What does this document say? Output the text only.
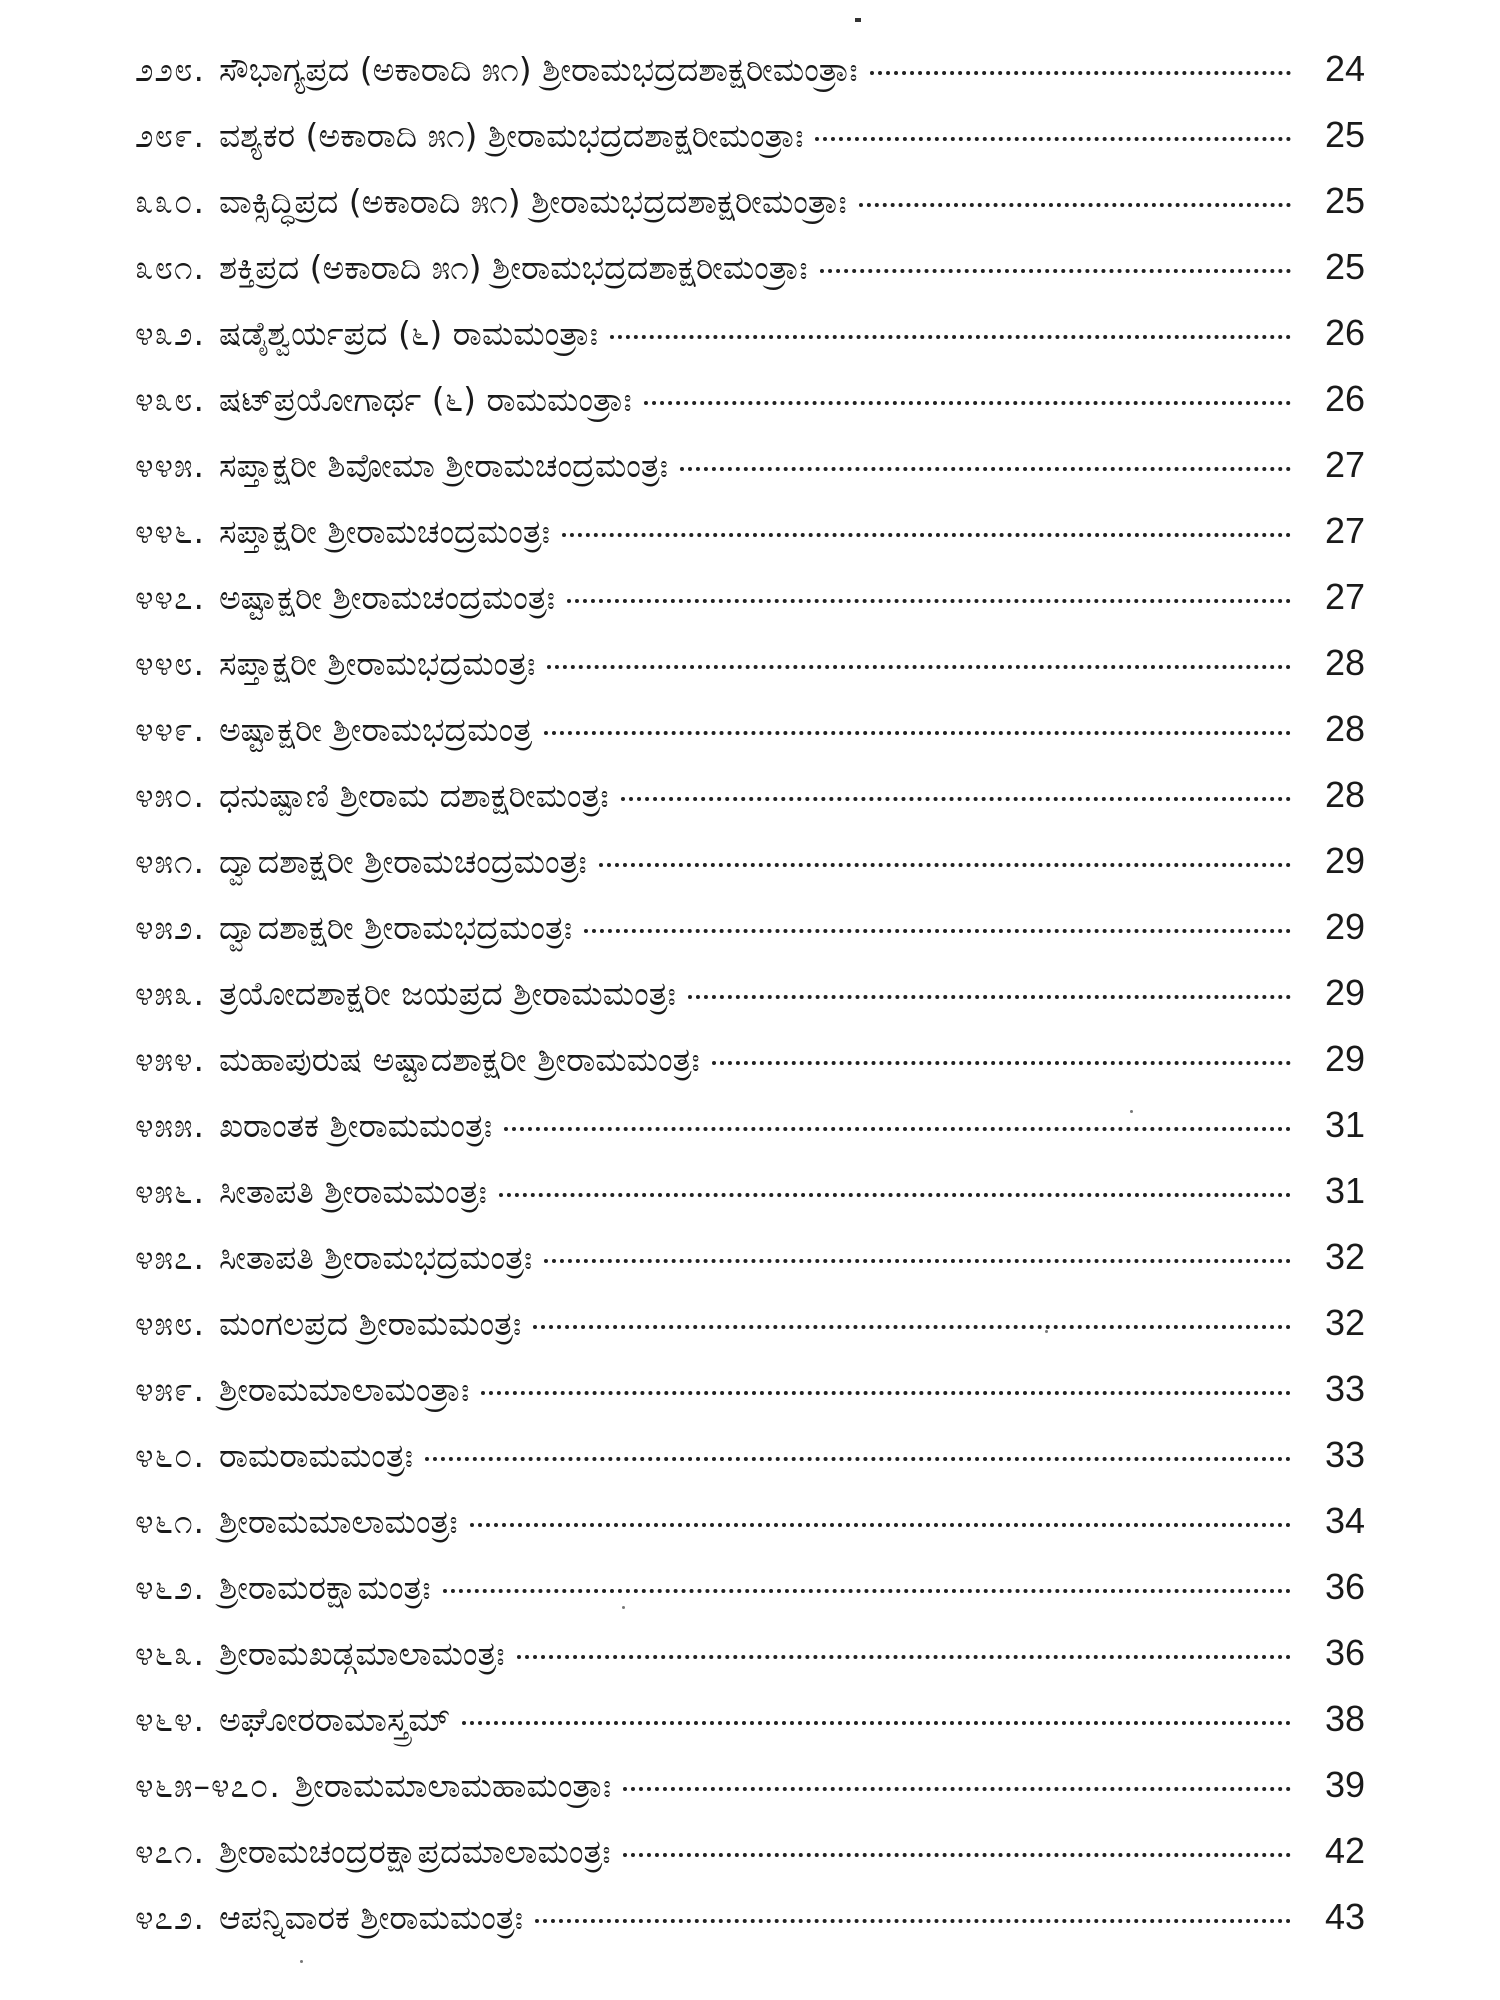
೨೨೮. ಸೌಭಾಗ್ಯಪ್ರದ (ಅಕಾರಾದಿ ೫೧) ಶ್ರೀರಾಮಭದ್ರದಶಾಕ್ಷರೀಮಂತ್ರಾಃ	24
೨೮೯. ವಶ್ಯಕರ (ಅಕಾರಾದಿ ೫೧) ಶ್ರೀರಾಮಭದ್ರದಶಾಕ್ಷರೀಮಂತ್ರಾಃ	25
೩೩೦. ವಾಕ್ಸಿದ್ಧಿಪ್ರದ (ಅಕಾರಾದಿ ೫೧) ಶ್ರೀರಾಮಭದ್ರದಶಾಕ್ಷರೀಮಂತ್ರಾಃ	25
೩೮೧. ಶಕ್ತಿಪ್ರದ (ಅಕಾರಾದಿ ೫೧) ಶ್ರೀರಾಮಭದ್ರದಶಾಕ್ಷರೀಮಂತ್ರಾಃ	25
೪೩೨. ಷಡೈಶ್ವರ್ಯಪ್ರದ (೬) ರಾಮಮಂತ್ರಾಃ	26
೪೩೮. ಷಟ್‌ಪ್ರಯೋಗಾರ್ಥ (೬) ರಾಮಮಂತ್ರಾಃ	26
೪೪೫. ಸಪ್ತಾಕ್ಷರೀ ಶಿವೋಮಾ ಶ್ರೀರಾಮಚಂದ್ರಮಂತ್ರಃ	27
೪೪೬. ಸಪ್ತಾಕ್ಷರೀ ಶ್ರೀರಾಮಚಂದ್ರಮಂತ್ರಃ	27
೪೪೭. ಅಷ್ಟಾಕ್ಷರೀ ಶ್ರೀರಾಮಚಂದ್ರಮಂತ್ರಃ	27
೪೪೮. ಸಪ್ತಾಕ್ಷರೀ ಶ್ರೀರಾಮಭದ್ರಮಂತ್ರಃ	28
೪೪೯. ಅಷ್ಟಾಕ್ಷರೀ ಶ್ರೀರಾಮಭದ್ರಮಂತ್ರ	28
೪೫೦. ಧನುಷ್ಪಾಣಿ ಶ್ರೀರಾಮ ದಶಾಕ್ಷರೀಮಂತ್ರಃ	28
೪೫೧. ದ್ವಾದಶಾಕ್ಷರೀ ಶ್ರೀರಾಮಚಂದ್ರಮಂತ್ರಃ	29
೪೫೨. ದ್ವಾದಶಾಕ್ಷರೀ ಶ್ರೀರಾಮಭದ್ರಮಂತ್ರಃ	29
೪೫೩. ತ್ರಯೋದಶಾಕ್ಷರೀ ಜಯಪ್ರದ ಶ್ರೀರಾಮಮಂತ್ರಃ	29
೪೫೪. ಮಹಾಪುರುಷ ಅಷ್ಟಾದಶಾಕ್ಷರೀ ಶ್ರೀರಾಮಮಂತ್ರಃ	29
೪೫೫. ಖರಾಂತಕ ಶ್ರೀರಾಮಮಂತ್ರಃ	31
೪೫೬. ಸೀತಾಪತಿ ಶ್ರೀರಾಮಮಂತ್ರಃ	31
೪೫೭. ಸೀತಾಪತಿ ಶ್ರೀರಾಮಭದ್ರಮಂತ್ರಃ	32
೪೫೮. ಮಂಗಲಪ್ರದ ಶ್ರೀರಾಮಮಂತ್ರಃ	32
೪೫೯. ಶ್ರೀರಾಮಮಾಲಾಮಂತ್ರಾಃ	33
೪೬೦. ರಾಮರಾಮಮಂತ್ರಃ	33
೪೬೧. ಶ್ರೀರಾಮಮಾಲಾಮಂತ್ರಃ	34
೪೬೨. ಶ್ರೀರಾಮರಕ್ಷಾಮಂತ್ರಃ	36
೪೬೩. ಶ್ರೀರಾಮಖಡ್ಗಮಾಲಾಮಂತ್ರಃ	36
೪೬೪. ಅಘೋರರಾಮಾಸ್ತ್ರಮ್	38
೪೬೫–೪೭೦. ಶ್ರೀರಾಮಮಾಲಾಮಹಾಮಂತ್ರಾಃ	39
೪೭೧. ಶ್ರೀರಾಮಚಂದ್ರರಕ್ಷಾಪ್ರದಮಾಲಾಮಂತ್ರಃ	42
೪೭೨. ಆಪನ್ನಿವಾರಕ ಶ್ರೀರಾಮಮಂತ್ರಃ	43
